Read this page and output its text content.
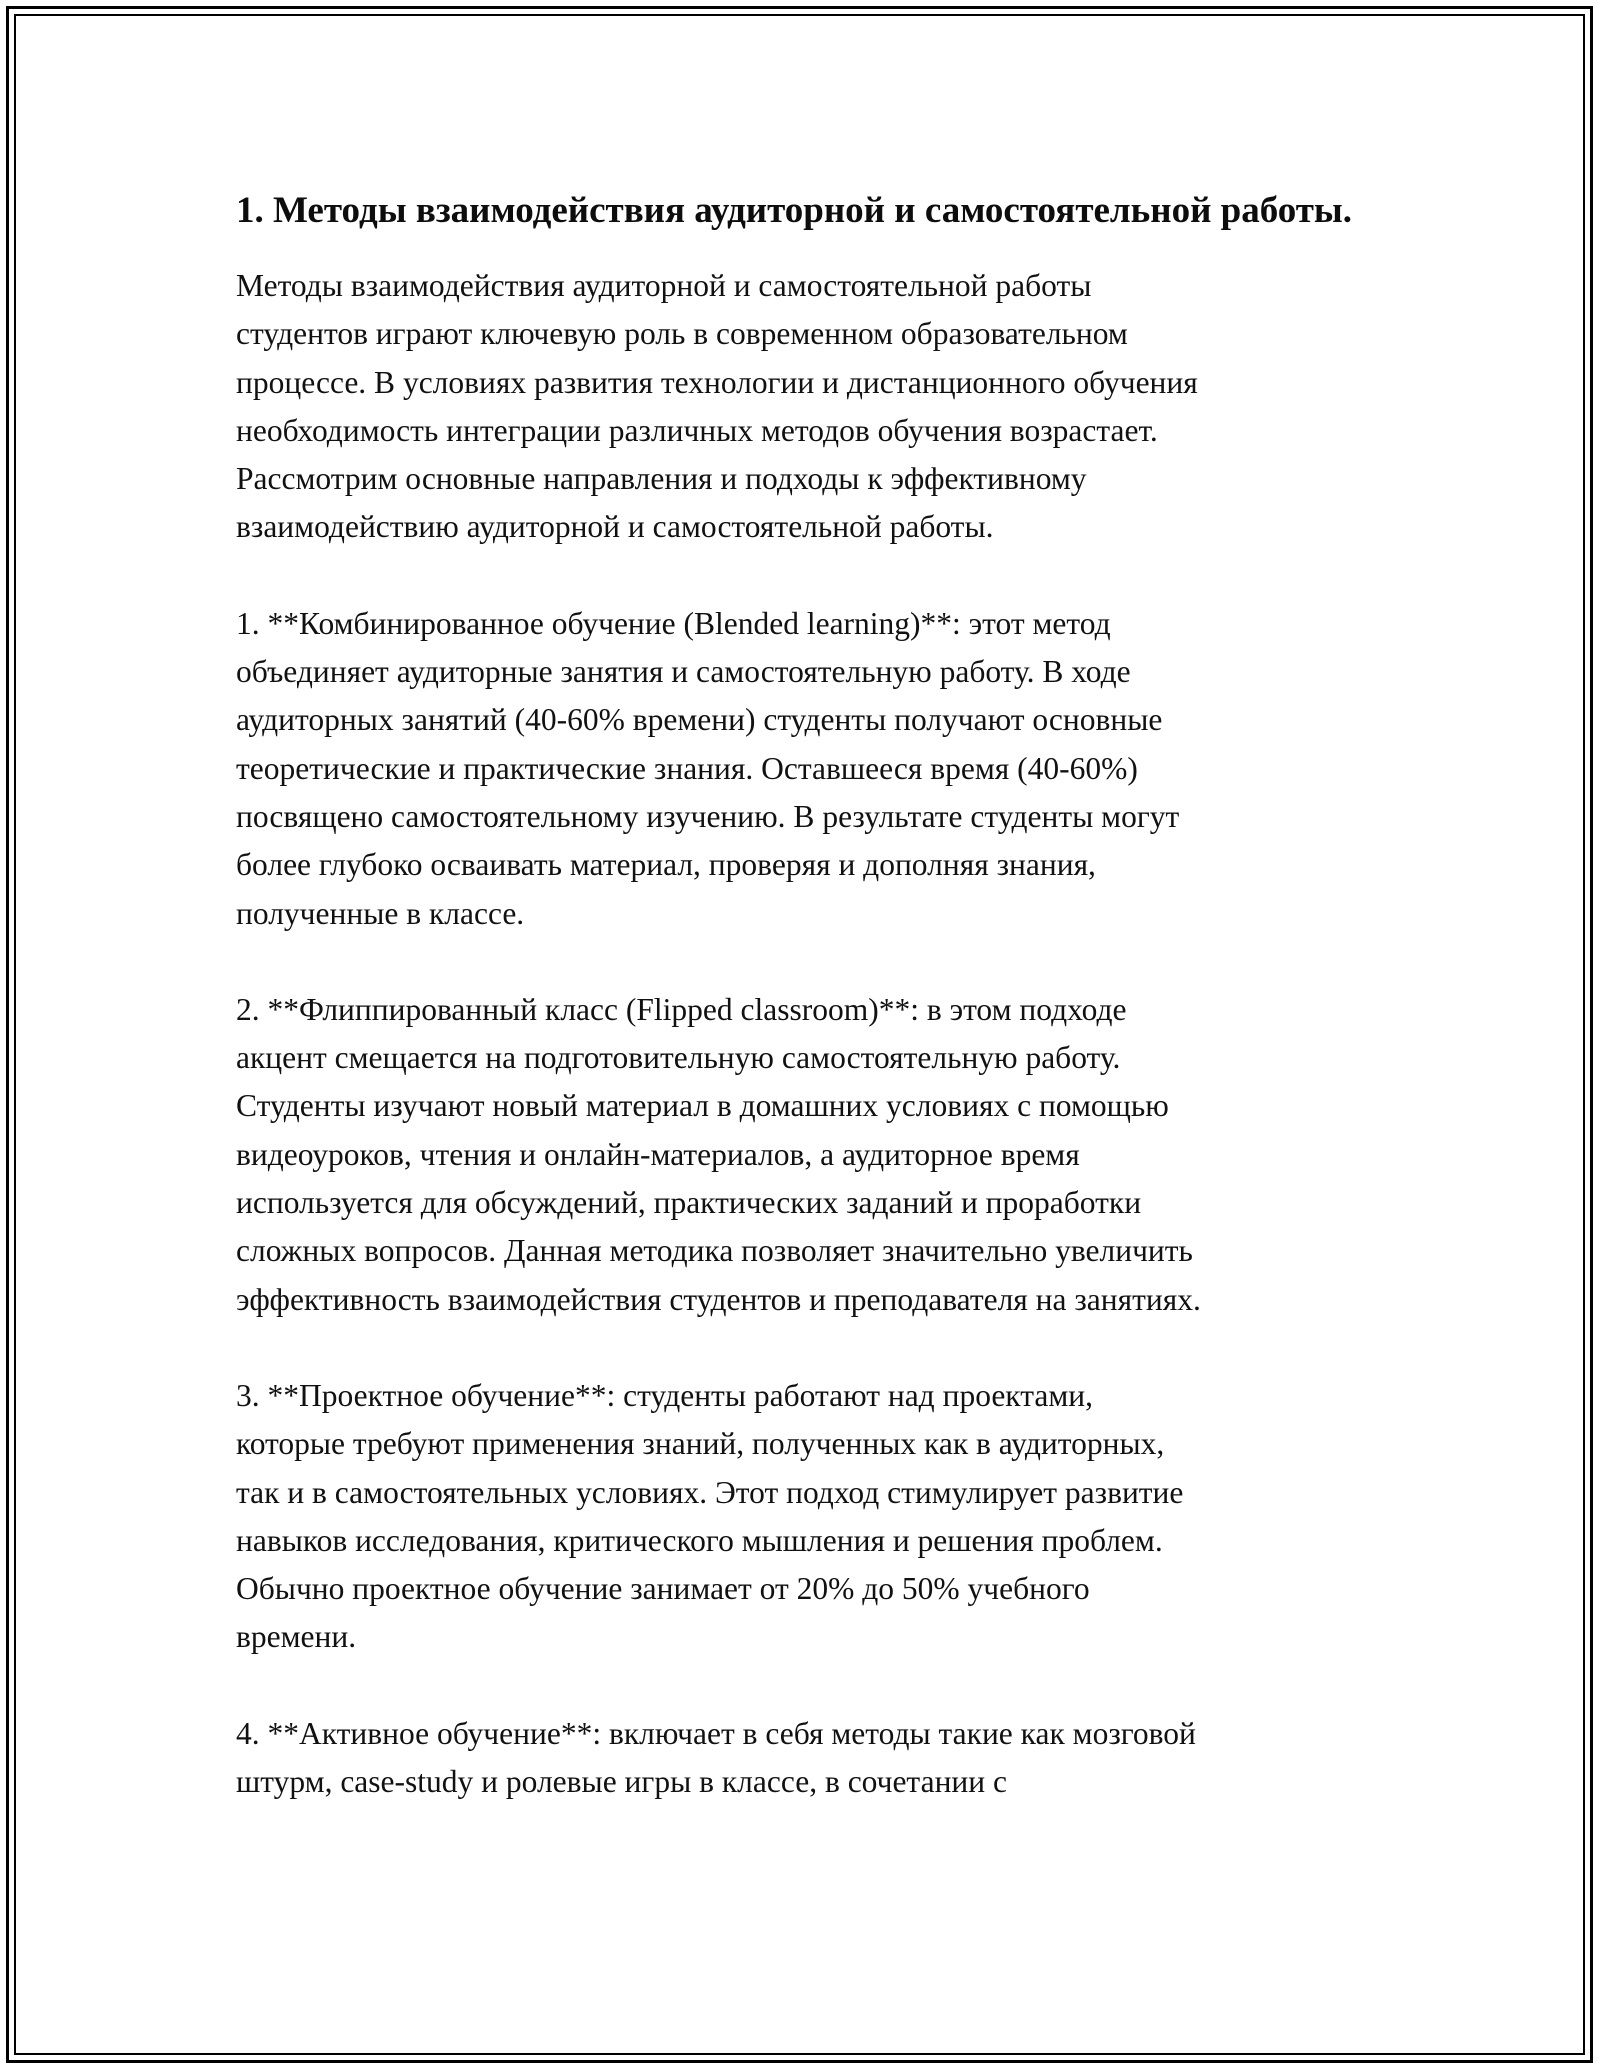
1. Методы взаимодействия аудиторной и самостоятельной работы.

Методы взаимодействия аудиторной и самостоятельной работы
студентов играют ключевую роль в современном образовательном
процессе. В условиях развития технологии и дистанционного обучения
необходимость интеграции различных методов обучения возрастает.
Рассмотрим основные направления и подходы к эффективному
взаимодействию аудиторной и самостоятельной работы.

1. **Комбинированное обучение (Blended learning)**: этот метод
объединяет аудиторные занятия и самостоятельную работу. В ходе
аудиторных занятий (40-60% времени) студенты получают основные
теоретические и практические знания. Оставшееся время (40-60%)
посвящено самостоятельному изучению. В результате студенты могут
более глубоко осваивать материал, проверяя и дополняя знания,
полученные в классе.

2. **Флиппированный класс (Flipped classroom)**: в этом подходе
акцент смещается на подготовительную самостоятельную работу.
Студенты изучают новый материал в домашних условиях с помощью
видеоуроков, чтения и онлайн-материалов, а аудиторное время
используется для обсуждений, практических заданий и проработки
сложных вопросов. Данная методика позволяет значительно увеличить
эффективность взаимодействия студентов и преподавателя на занятиях.

3. **Проектное обучение**: студенты работают над проектами,
которые требуют применения знаний, полученных как в аудиторных,
так и в самостоятельных условиях. Этот подход стимулирует развитие
навыков исследования, критического мышления и решения проблем.
Обычно проектное обучение занимает от 20% до 50% учебного
времени.

4. **Активное обучение**: включает в себя методы такие как мозговой
штурм, case-study и ролевые игры в классе, в сочетании с
